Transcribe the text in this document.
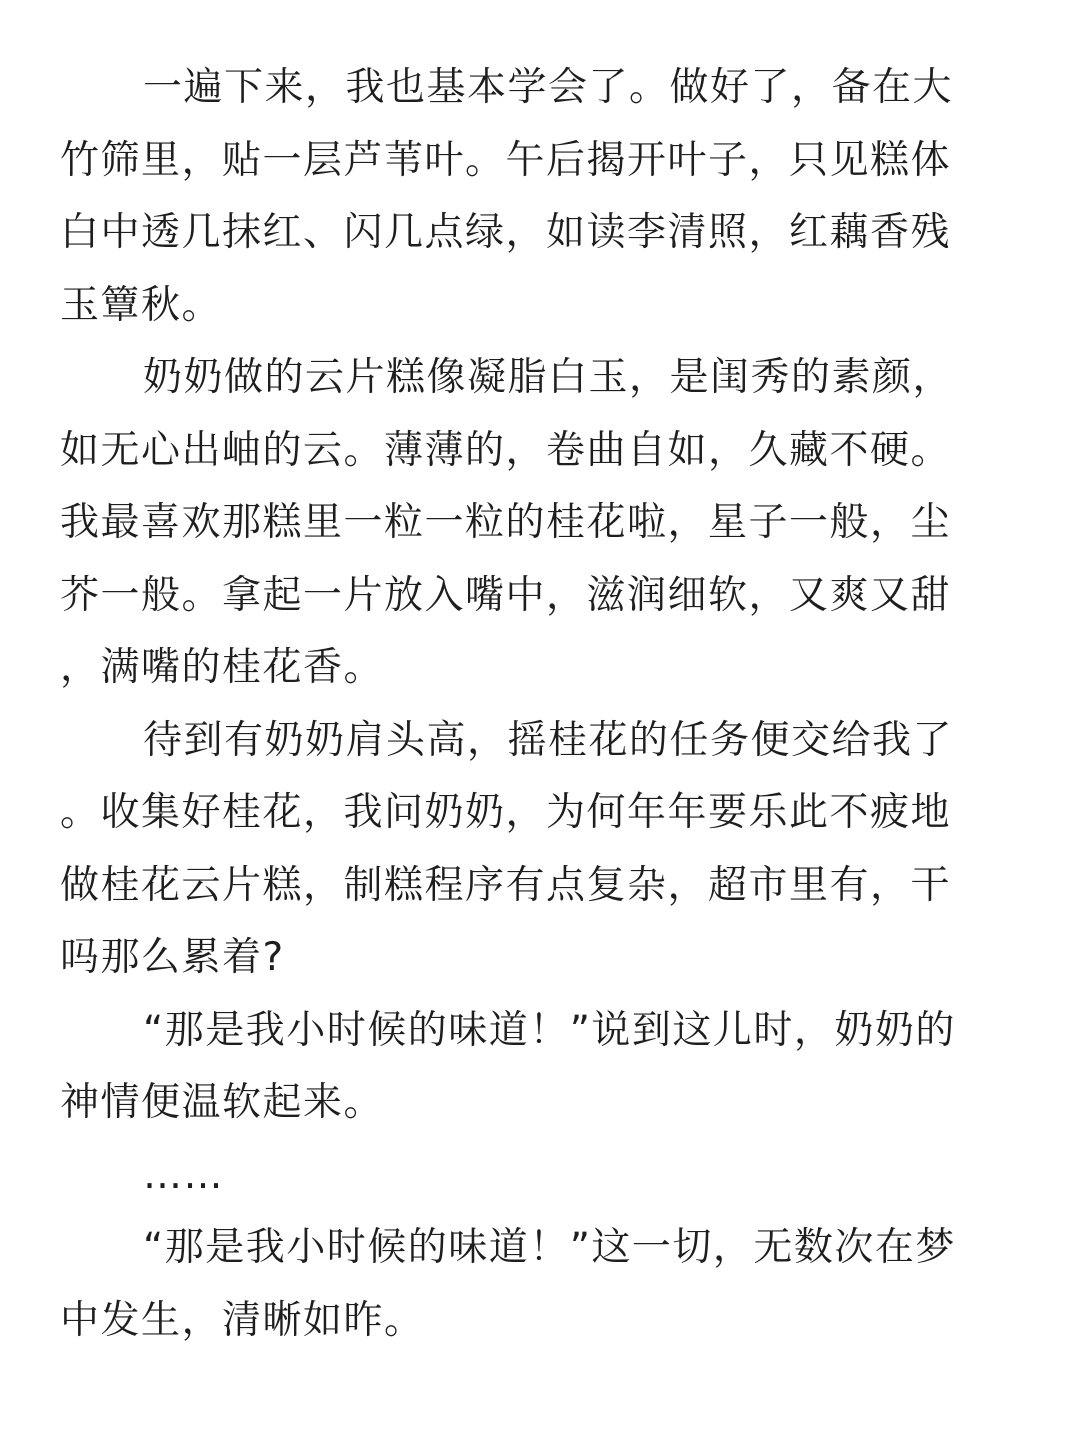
一遍下来，我也基本学会了。做好了，备在大
竹筛里，贴一层芦苇叶。午后揭开叶子，只见糕体
白中透几抹红、闪几点绿，如读李清照，红藕香残
玉簟秋。
奶奶做的云片糕像凝脂白玉，是闺秀的素颜，
如无心出岫的云。薄薄的，卷曲自如，久藏不硬。
我最喜欢那糕里一粒一粒的桂花啦，星子一般，尘
芥一般。拿起一片放入嘴中，滋润细软，又爽又甜
，满嘴的桂花香。
待到有奶奶肩头高，摇桂花的任务便交给我了
。收集好桂花，我问奶奶，为何年年要乐此不疲地
做桂花云片糕，制糕程序有点复杂，超市里有，干
吗那么累着?
“那是我小时候的味道！”说到这儿时，奶奶的
神情便温软起来。
……
“那是我小时候的味道！”这一切，无数次在梦
中发生，清晰如昨。
